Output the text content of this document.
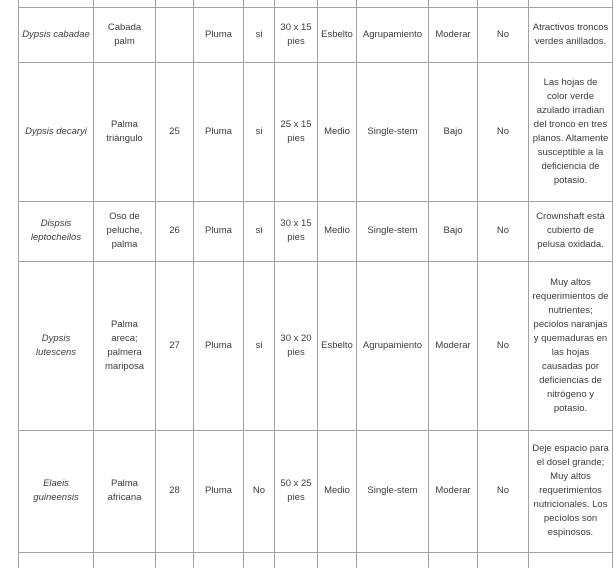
Dypsis cabadae	Cabada palm		Pluma	si	30 x 15 pies	Esbelto	Agrupamiento	Moderar	No	Atractivos troncos verdes anillados.
Dypsis decaryi	Palma triángulo	25	Pluma	si	25 x 15 pies	Medio	Single-stem	Bajo	No	Las hojas de color verde azulado irradian del tronco en tres planos. Altamente susceptible a la deficiencia de potasio.
Dispsis leptocheilos	Oso de peluche, palma	26	Pluma	si	30 x 15 pies	Medio	Single-stem	Bajo	No	Crownshaft está cubierto de pelusa oxidada.
Dypsis lutescens	Palma areca; palmera mariposa	27	Pluma	si	30 x 20 pies	Esbelto	Agrupamiento	Moderar	No	Muy altos requerimientos de nutrientes; peciolos naranjas y quemaduras en las hojas causadas por deficiencias de nitrógeno y potasio.
Elaeis guineensis	Palma africana	28	Pluma	No	50 x 25 pies	Medio	Single-stem	Moderar	No	Deje espacio para el dosel grande; Muy altos requerimientos nutricionales. Los pecíolos son espinosos.
